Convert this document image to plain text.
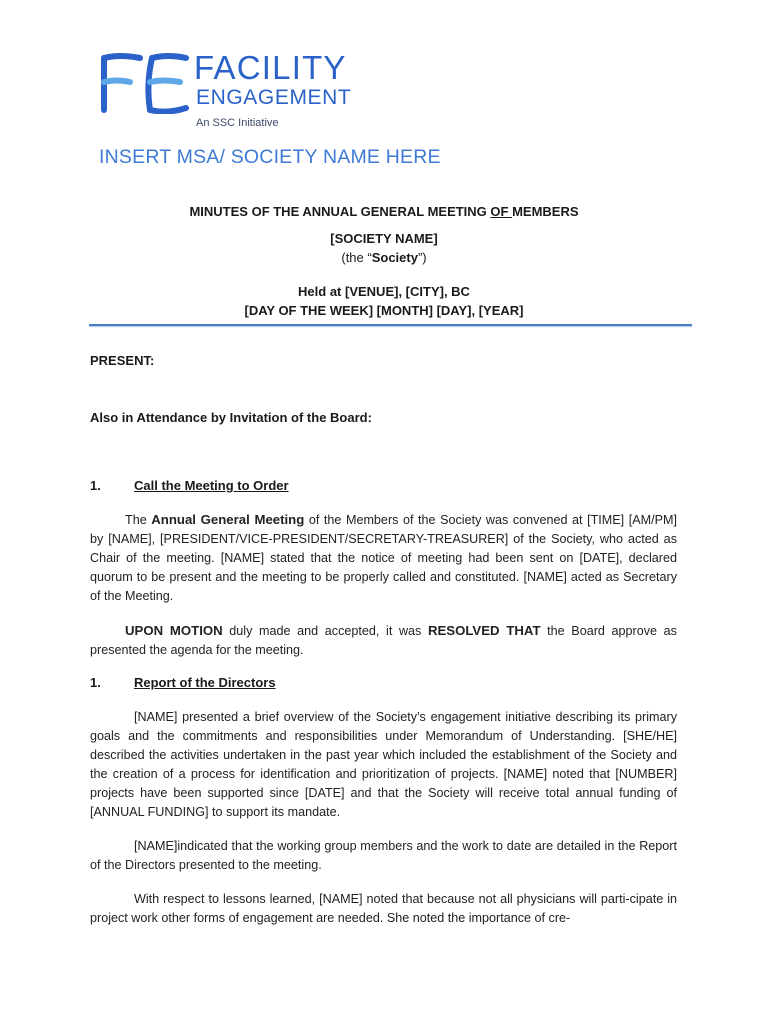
FACILITY
ENGAGEMENT
An SSC Initiative
INSERT MSA/ SOCIETY NAME HERE
MINUTES OF THE ANNUAL GENERAL MEETING OF MEMBERS
[SOCIETY NAME]
(the “Society”)
Held at [VENUE], [CITY], BC
[DAY OF THE WEEK] [MONTH] [DAY], [YEAR]
PRESENT:
Also in Attendance by Invitation of the Board:
1.	Call the Meeting to Order
The Annual General Meeting of the Members of the Society was convened at [TIME] [AM/PM] by [NAME], [PRESIDENT/VICE-PRESIDENT/SECRETARY-TREASURER] of the Society, who acted as Chair of the meeting. [NAME] stated that the notice of meeting had been sent on [DATE], declared quorum to be present and the meeting to be properly called and constituted. [NAME] acted as Secretary of the Meeting.
UPON MOTION duly made and accepted, it was RESOLVED THAT the Board approve as presented the agenda for the meeting.
1.	Report of the Directors
[NAME] presented a brief overview of the Society’s engagement initiative describing its primary goals and the commitments and responsibilities under Memorandum of Understanding. [SHE/HE] described the activities undertaken in the past year which included the establishment of the Society and the creation of a process for identification and prioritization of projects. [NAME] noted that [NUMBER] projects have been supported since [DATE] and that the Society will receive total annual funding of [ANNUAL FUNDING] to support its mandate.
[NAME]indicated that the working group members and the work to date are detailed in the Report of the Directors presented to the meeting.
With respect to lessons learned, [NAME] noted that because not all physicians will parti-cipate in project work other forms of engagement are needed. She noted the importance of cre-
